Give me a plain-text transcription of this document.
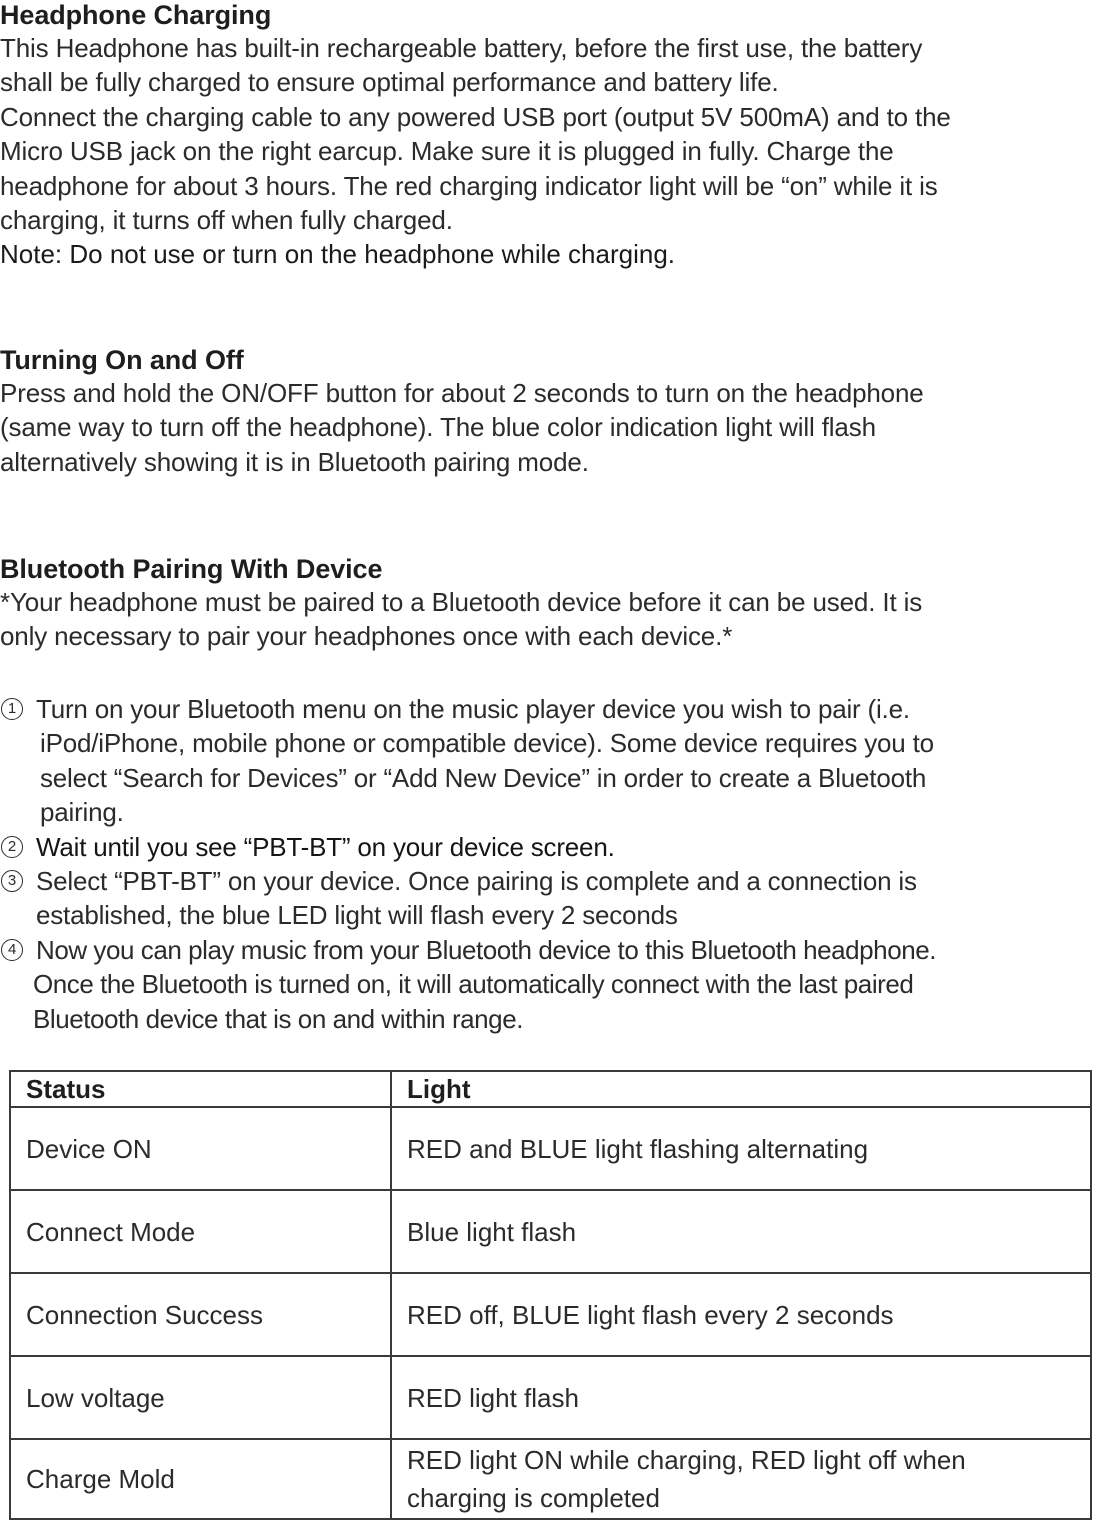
Headphone Charging
This Headphone has built-in rechargeable battery, before the first use, the battery
shall be fully charged to ensure optimal performance and battery life.
Connect the charging cable to any powered USB port (output 5V 500mA) and to the
Micro USB jack on the right earcup. Make sure it is plugged in fully. Charge the
headphone for about 3 hours. The red charging indicator light will be “on” while it is
charging, it turns off when fully charged.
Note: Do not use or turn on the headphone while charging.
Turning On and Off
Press and hold the ON/OFF button for about 2 seconds to turn on the headphone
(same way to turn off the headphone). The blue color indication light will flash
alternatively showing it is in Bluetooth pairing mode.
Bluetooth Pairing With Device
*Your headphone must be paired to a Bluetooth device before it can be used. It is
only necessary to pair your headphones once with each device.*
1 Turn on your Bluetooth menu on the music player device you wish to pair (i.e.
iPod/iPhone, mobile phone or compatible device). Some device requires you to
select “Search for Devices” or “Add New Device” in order to create a Bluetooth
pairing.
2 Wait until you see “PBT-BT” on your device screen.
3 Select “PBT-BT” on your device. Once pairing is complete and a connection is
established, the blue LED light will flash every 2 seconds
4 Now you can play music from your Bluetooth device to this Bluetooth headphone.
Once the Bluetooth is turned on, it will automatically connect with the last paired
Bluetooth device that is on and within range.
Status	Light
Device ON	RED and BLUE light flashing alternating
Connect Mode	Blue light flash
Connection Success	RED off, BLUE light flash every 2 seconds
Low voltage	RED light flash
Charge Mold	RED light ON while charging, RED light off when
charging is completed
